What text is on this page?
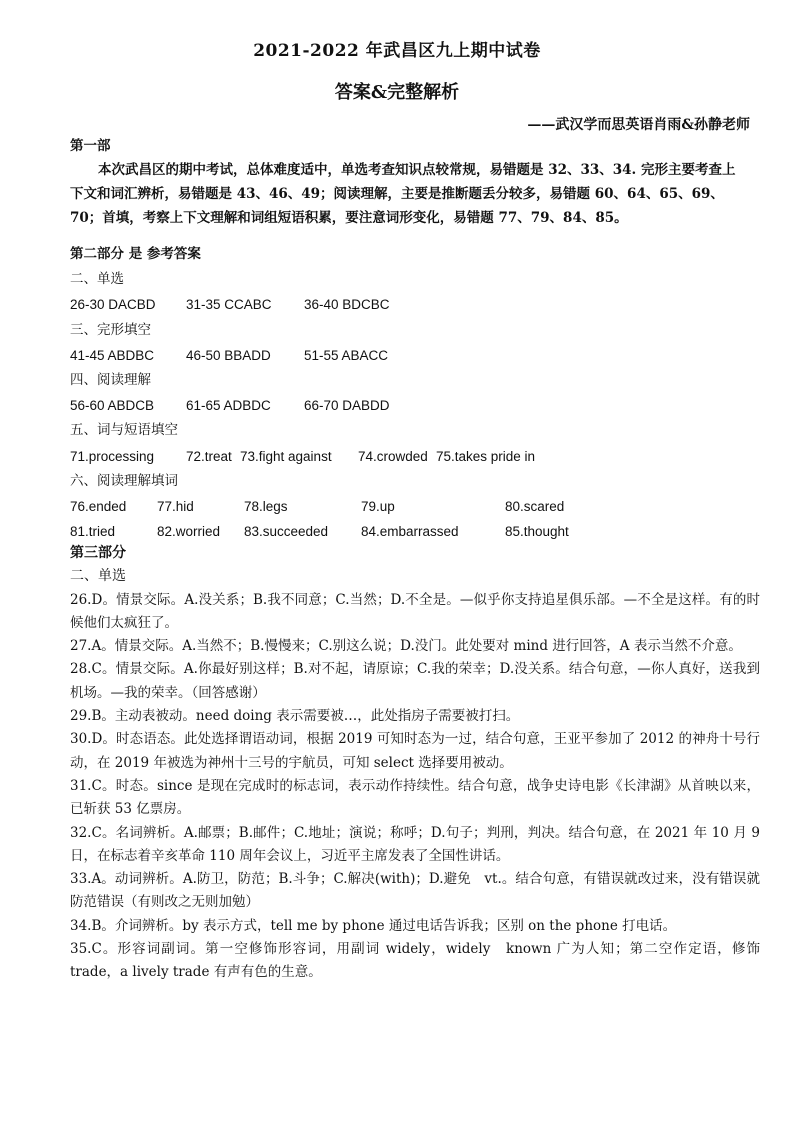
2021-2022 年武昌区九上期中试卷
答案&完整解析
——武汉学而思英语肖雨&孙静老师

第一部

本次武昌区的期中考试，总体难度适中，单选考查知识点较常规，易错题是 32、33、34. 完形主要考查上

下文和词汇辨析，易错题是 43、46、49；阅读理解，主要是推断题丢分较多，易错题 60、64、65、69、

70；首填，考察上下文理解和词组短语积累，要注意词形变化，易错题 77、79、84、85。

第二部分 是 参考答案
二、单选
26-30 DACBD	31-35 CCABC	36-40 BDCBC
三、完形填空
41-45 ABDBC	46-50 BBADD	51-55 ABACC
四、阅读理解
56-60 ABDCB	61-65 ADBDC	66-70 DABDD
五、词与短语填空
71.processing	72.treat 73.fight against	74.crowded 75.takes pride in
六、阅读理解填词
76.ended	77.hid	78.legs	79.up	80.scared
81.tried	82.worried	83.succeeded	84.embarrassed	85.thought

第三部分

二、单选

26.D。情景交际。A.没关系；B.我不同意；C.当然；D.不全是。—似乎你支持追星俱乐部。—不全是这样。有的时候他们太疯狂了。

27.A。情景交际。A.当然不；B.慢慢来；C.别这么说；D.没门。此处要对 mind 进行回答，A 表示当然不介意。

28.C。情景交际。A.你最好别这样；B.对不起，请原谅；C.我的荣幸；D.没关系。结合句意，—你人真好，送我到机场。—我的荣幸。（回答感谢）

29.B。主动表被动。need doing 表示需要被…，此处指房子需要被打扫。

30.D。时态语态。此处选择谓语动词，根据 2019 可知时态为一过，结合句意，王亚平参加了 2012 的神舟十号行动，在 2019 年被选为神州十三号的宇航员，可知 select 选择要用被动。

31.C。时态。since 是现在完成时的标志词，表示动作持续性。结合句意，战争史诗电影《长津湖》从首映以来，已斩获 53 亿票房。

32.C。名词辨析。A.邮票；B.邮件；C.地址；演说；称呼；D.句子；判刑，判决。结合句意，在 2021 年 10 月 9 日，在标志着辛亥革命 110 周年会议上，习近平主席发表了全国性讲话。

33.A。动词辨析。A.防卫，防范；B.斗争；C.解决(with)；D.避免　vt.。结合句意，有错误就改过来，没有错误就防范错误（有则改之无则加勉）

34.B。介词辨析。by 表示方式，tell me by phone 通过电话告诉我；区别 on the phone 打电话。

35.C。形容词副词。第一空修饰形容词，用副词 widely，widely　known 广为人知；第二空作定语，修饰 trade，a lively trade 有声有色的生意。
